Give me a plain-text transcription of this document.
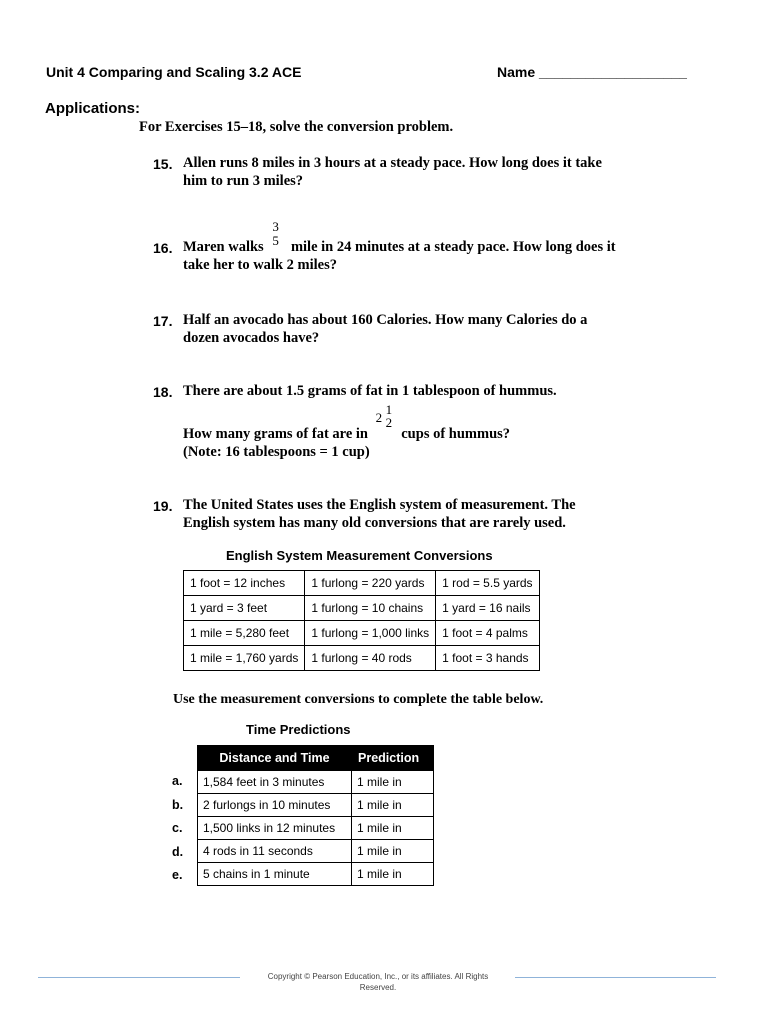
Unit 4 Comparing and Scaling 3.2 ACE	Name ___________________
Applications:
For Exercises 15–18, solve the conversion problem.
15. Allen runs 8 miles in 3 hours at a steady pace. How long does it take
him to run 3 miles?
16. Maren walks
3
5 mile in 24 minutes at a steady pace. How long does it
take her to walk 2 miles?
17. Half an avocado has about 160 Calories. How many Calories do a
dozen avocados have?
18. There are about 1.5 grams of fat in 1 tablespoon of hummus.
How many grams of fat are in
2
1
2
cups of hummus?
(Note: 16 tablespoons = 1 cup)
19. The United States uses the English system of measurement. The
English system has many old conversions that are rarely used.
English System Measurement Conversions
1 foot = 12 inches	1 furlong = 220 yards	1 rod = 5.5 yards
1 yard = 3 feet	1 furlong = 10 chains	1 yard = 16 nails
1 mile = 5,280 feet	1 furlong = 1,000 links	1 foot = 4 palms
1 mile = 1,760 yards	1 furlong = 40 rods	1 foot = 3 hands
Use the measurement conversions to complete the table below.
Time Predictions
a.
b.
c.
d.
e.
Distance and Time	Prediction
1,584 feet in 3 minutes	1 mile in
2 furlongs in 10 minutes	1 mile in
1,500 links in 12 minutes	1 mile in
4 rods in 11 seconds	1 mile in
5 chains in 1 minute	1 mile in
Copyright © Pearson Education, Inc., or its affiliates. All Rights Reserved.
